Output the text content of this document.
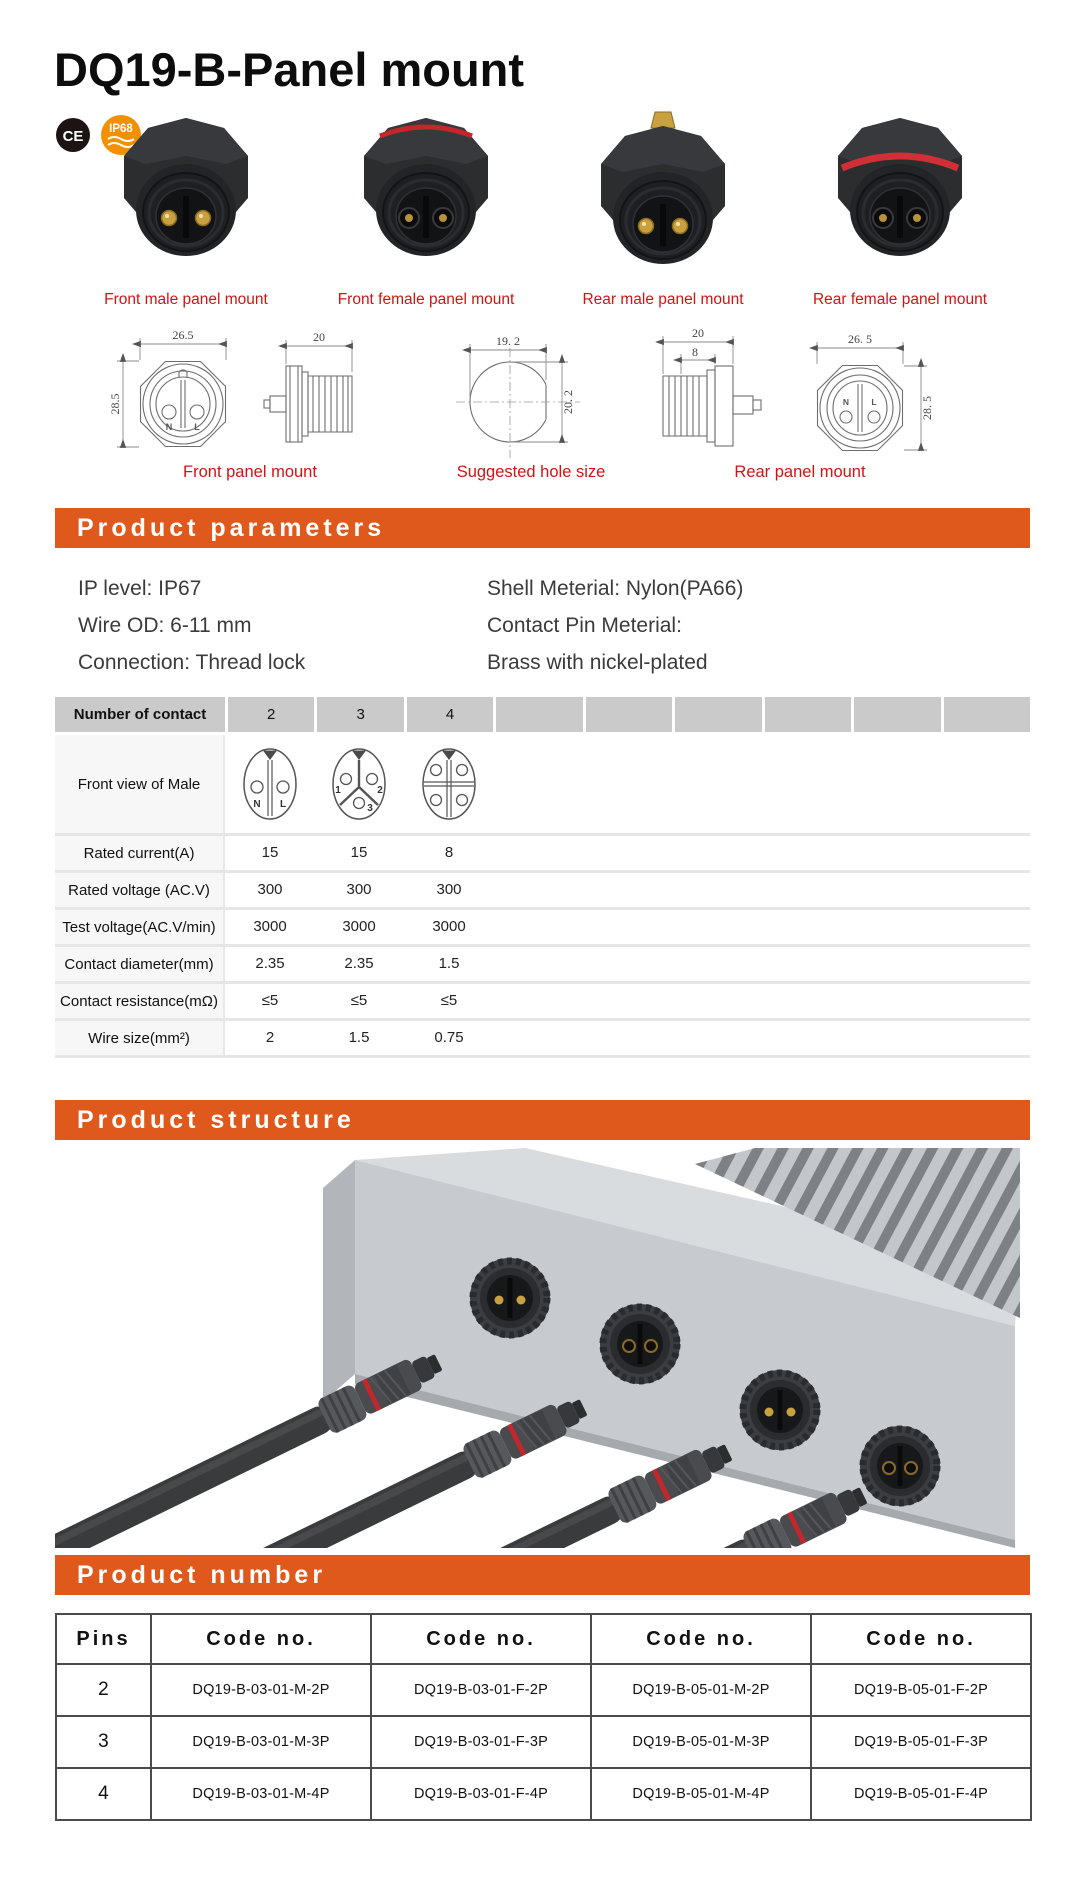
DQ19-B-Panel mount
CE IP68
Front male panel mount	Front female panel mount	Rear male panel mount	Rear female panel mount
26.5
28.5
20
N L
Front panel mount
19. 2
20. 2
Suggested hole size
20
8
26. 5
28. 5
N	L
Rear panel mount
Product parameters
IP level: IP67
Wire OD: 6-11 mm
Connection: Thread lock
Shell Meterial: Nylon(PA66)
Contact Pin Meterial:
Brass with nickel-plated
Number of contact	2	3	4
Front view of Male
N L
1	2
3
Rated current(A)	15	15	8
Rated voltage (AC.V)	300	300	300
Test voltage(AC.V/min)	3000	3000	3000
Contact diameter(mm)	2.35	2.35	1.5
Contact resistance(mΩ)	≤5	≤5	≤5
Wire size(mm²)	2	1.5	0.75
Product structure
Product number
Pins	Code no.	Code no.	Code no.	Code no.
2	DQ19-B-03-01-M-2P	DQ19-B-03-01-F-2P	DQ19-B-05-01-M-2P	DQ19-B-05-01-F-2P
3	DQ19-B-03-01-M-3P	DQ19-B-03-01-F-3P	DQ19-B-05-01-M-3P	DQ19-B-05-01-F-3P
4	DQ19-B-03-01-M-4P	DQ19-B-03-01-F-4P	DQ19-B-05-01-M-4P	DQ19-B-05-01-F-4P
